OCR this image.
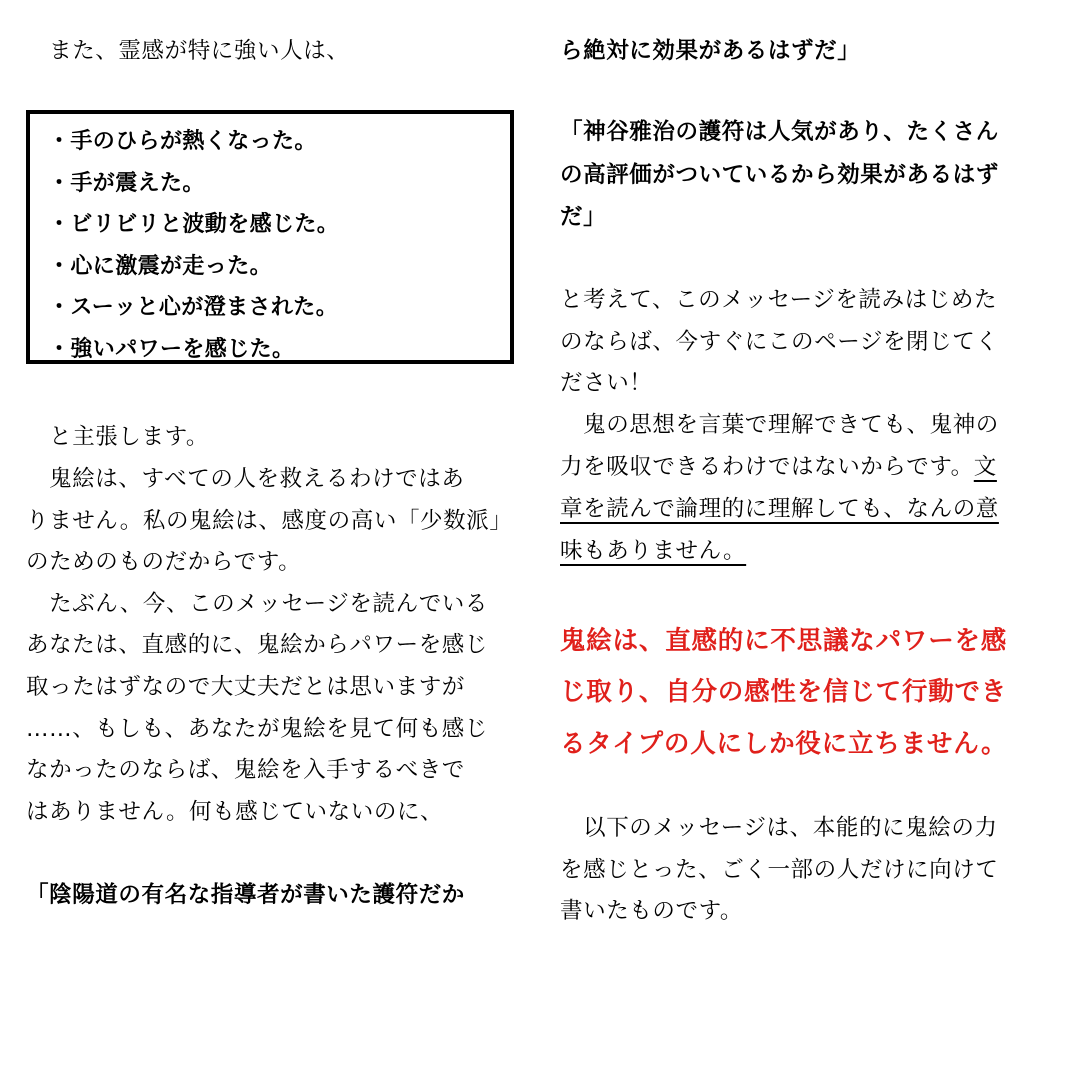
　また、霊感が特に強い人は、

・手のひらが熱くなった。

・手が震えた。

・ビリビリと波動を感じた。

・心に激震が走った。

・スーッと心が澄まされた。

・強いパワーを感じた。

　と主張します。

　鬼絵は、すべての人を救えるわけではあ

りません。私の鬼絵は、感度の高い「少数派」

のためのものだからです。

　たぶん、今、このメッセージを読んでいる

あなたは、直感的に、鬼絵からパワーを感じ

取ったはずなので大丈夫だとは思いますが

……、もしも、あなたが鬼絵を見て何も感じ

なかったのならば、鬼絵を入手するべきで

はありません。何も感じていないのに、

「陰陽道の有名な指導者が書いた護符だか

ら絶対に効果があるはずだ」

「神谷雅治の護符は人気があり、たくさん

の高評価がついているから効果があるはず

だ」

と考えて、このメッセージを読みはじめた

のならば、今すぐにこのページを閉じてく

ださい！

　鬼の思想を言葉で理解できても、鬼神の

力を吸収できるわけではないからです。文

章を読んで論理的に理解しても、なんの意

味もありません。

鬼絵は、直感的に不思議なパワーを感

じ取り、自分の感性を信じて行動でき

るタイプの人にしか役に立ちません。

　以下のメッセージは、本能的に鬼絵の力

を感じとった、ごく一部の人だけに向けて

書いたものです。
